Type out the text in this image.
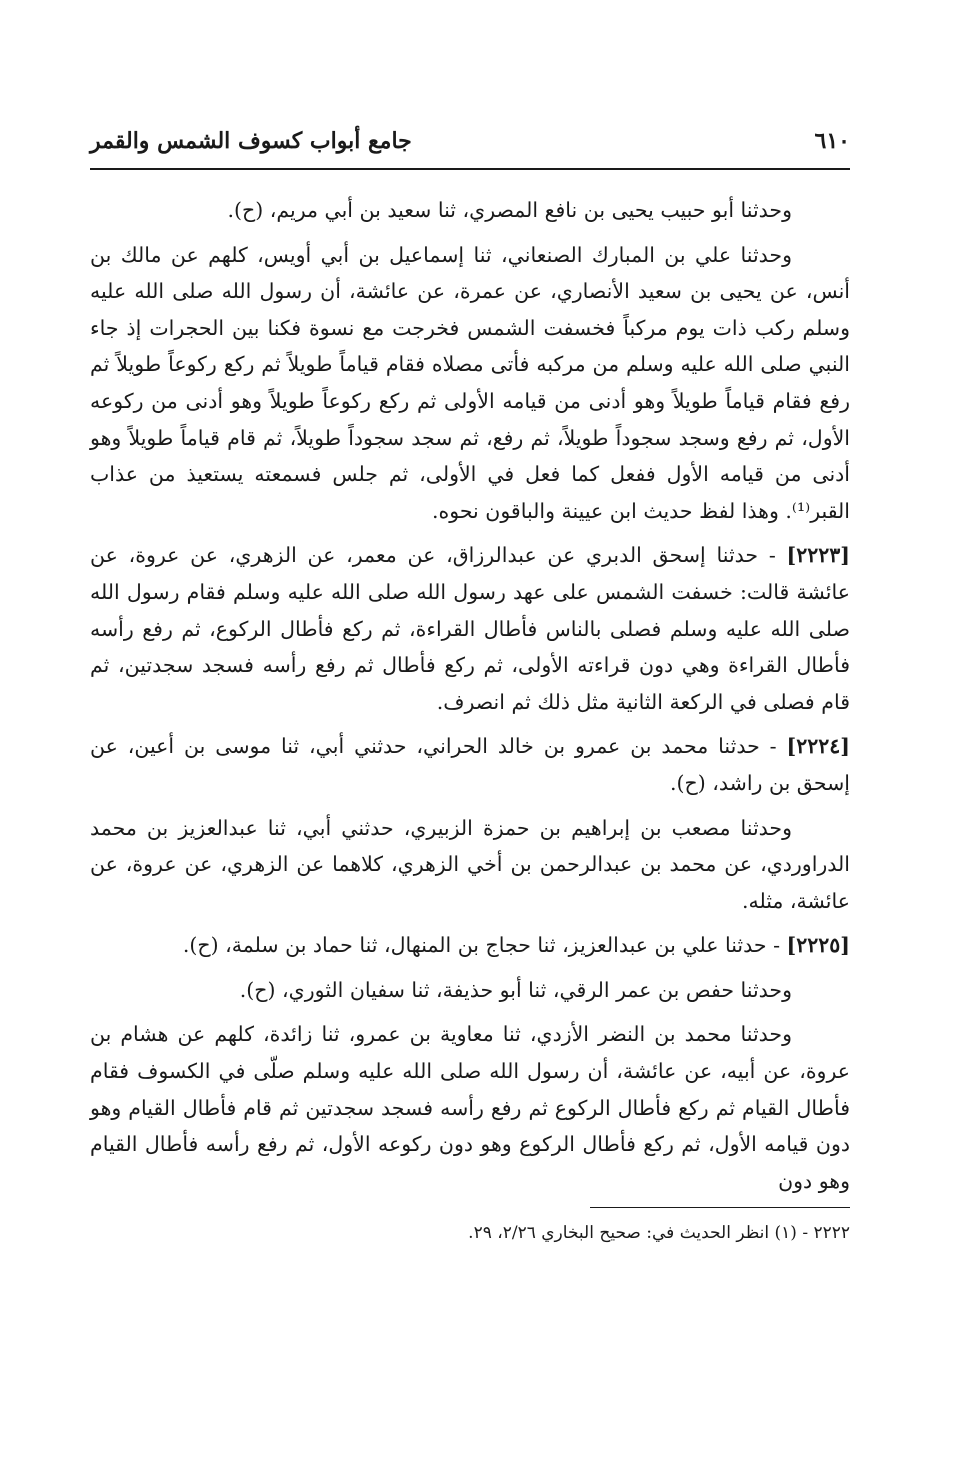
٦١٠
جامع أبواب كسوف الشمس والقمر

وحدثنا أبو حبيب يحيى بن نافع المصري، ثنا سعيد بن أبي مريم، (ح).

وحدثنا علي بن المبارك الصنعاني، ثنا إسماعيل بن أبي أويس، كلهم عن مالك بن أنس، عن يحيى بن سعيد الأنصاري، عن عمرة، عن عائشة، أن رسول الله صلى الله عليه وسلم ركب ذات يوم مركباً فخسفت الشمس فخرجت مع نسوة فكنا بين الحجرات إذ جاء النبي صلى الله عليه وسلم من مركبه فأتى مصلاه فقام قياماً طويلاً ثم ركع ركوعاً طويلاً ثم رفع فقام قياماً طويلاً وهو أدنى من قيامه الأولى ثم ركع ركوعاً طويلاً وهو أدنى من ركوعه الأول، ثم رفع وسجد سجوداً طويلاً، ثم رفع، ثم سجد سجوداً طويلاً، ثم قام قياماً طويلاً وهو أدنى من قيامه الأول ففعل كما فعل في الأولى، ثم جلس فسمعته يستعيذ من عذاب القبر⁽¹⁾. وهذا لفظ حديث ابن عيينة والباقون نحوه.

[٢٢٢٣] - حدثنا إسحق الدبري عن عبدالرزاق، عن معمر، عن الزهري، عن عروة، عن عائشة قالت: خسفت الشمس على عهد رسول الله صلى الله عليه وسلم فقام رسول الله صلى الله عليه وسلم فصلى بالناس فأطال القراءة، ثم ركع فأطال الركوع، ثم رفع رأسه فأطال القراءة وهي دون قراءته الأولى، ثم ركع فأطال ثم رفع رأسه فسجد سجدتين، ثم قام فصلى في الركعة الثانية مثل ذلك ثم انصرف.

[٢٢٢٤] - حدثنا محمد بن عمرو بن خالد الحراني، حدثني أبي، ثنا موسى بن أعين، عن إسحق بن راشد، (ح).

وحدثنا مصعب بن إبراهيم بن حمزة الزبيري، حدثني أبي، ثنا عبدالعزيز بن محمد الدراوردي، عن محمد بن عبدالرحمن بن أخي الزهري، كلاهما عن الزهري، عن عروة، عن عائشة، مثله.

[٢٢٢٥] - حدثنا علي بن عبدالعزيز، ثنا حجاج بن المنهال، ثنا حماد بن سلمة، (ح).

وحدثنا حفص بن عمر الرقي، ثنا أبو حذيفة، ثنا سفيان الثوري، (ح).

وحدثنا محمد بن النضر الأزدي، ثنا معاوية بن عمرو، ثنا زائدة، كلهم عن هشام بن عروة، عن أبيه، عن عائشة، أن رسول الله صلى الله عليه وسلم صلّى في الكسوف فقام فأطال القيام ثم ركع فأطال الركوع ثم رفع رأسه فسجد سجدتين ثم قام فأطال القيام وهو دون قيامه الأول، ثم ركع فأطال الركوع وهو دون ركوعه الأول، ثم رفع رأسه فأطال القيام وهو دون

٢٢٢٢ - (١) انظر الحديث في: صحيح البخاري ٢/٢٦، ٢٩.
